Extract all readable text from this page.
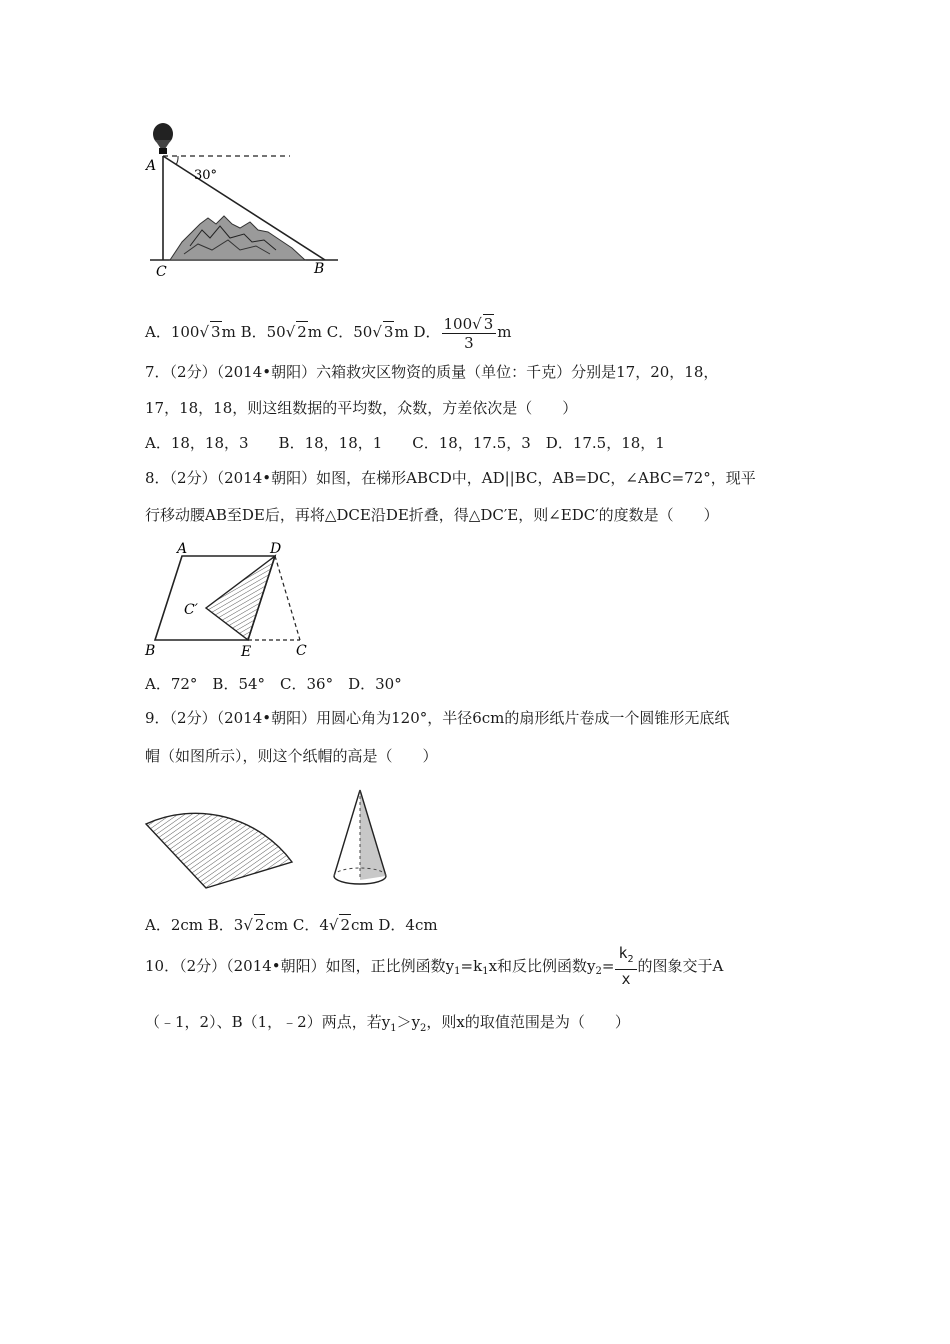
A
30°
C	B
A．100√ 3m B．50√ 2m C．50√ 3m D． $\frac{100√ 3}{3}$ m
7．（2分）（2014•朝阳）六箱救灾区物资的质量（单位：千克）分别是17，20，18，
17，18，18，则这组数据的平均数，众数，方差依次是（　　）
A．18，18，3　　B．18，18，1　　C．18，17.5，3　D．17.5，18，1
8．（2分）（2014•朝阳）如图，在梯形ABCD中，AD||BC，AB=DC，∠ABC=72°，现平
行移动腰AB至DE后，再将△DCE沿DE折叠，得△DC′E，则∠EDC′的度数是（　　）
A	D
C′
B	E	C
A．72°　B．54°　C．36°　D．30°
9．（2分）（2014•朝阳）用圆心角为120°，半径6cm的扇形纸片卷成一个圆锥形无底纸
帽（如图所示），则这个纸帽的高是（　　）
A．2cm B．3√ 2cm C．4√ 2cm D．4cm
10．（2分）（2014•朝阳）如图，正比例函数$y_1=k_1x$和反比例函数$y_2= \frac{k_2}{x}$ 的图象交于A
（﹣1，2）、B（1，﹣2）两点，若$y_1>y_2$，则x的取值范围是为（　　）
